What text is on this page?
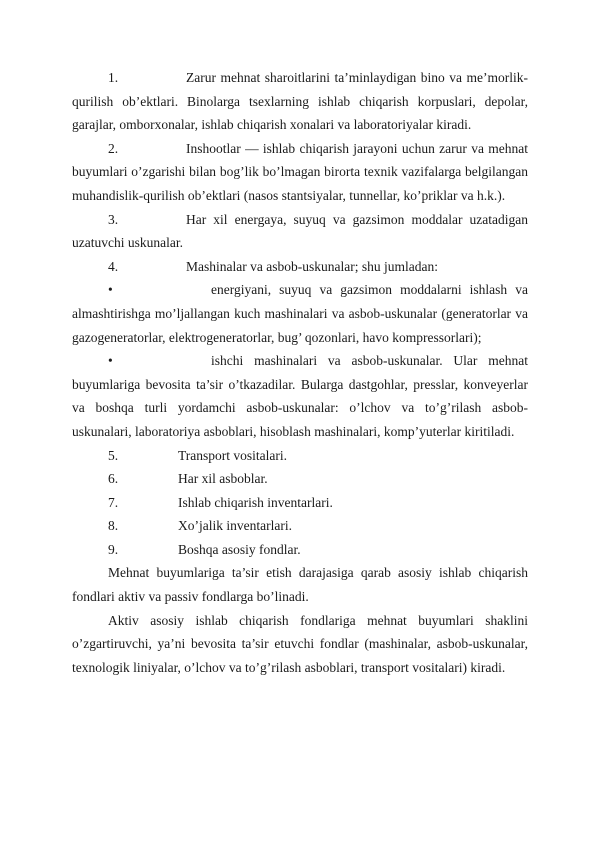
1.	Zarur mehnat sharoitlarini ta’minlaydigan bino va me’morlik-qurilish ob’ektlari. Binolarga tsexlarning ishlab chiqarish korpuslari, depolar, garajlar, omborxonalar, ishlab chiqarish xonalari va laboratoriyalar kiradi.

2.	Inshootlar — ishlab chiqarish jarayoni uchun zarur va mehnat buyumlari o’zgarishi bilan bog’lik bo’lmagan birorta texnik vazifalarga belgilangan muhandislik-qurilish ob’ektlari (nasos stantsiyalar, tunnellar, ko’priklar va h.k.).

3.	Har xil energaya, suyuq va gazsimon moddalar uzatadigan uzatuvchi uskunalar.

4.	Mashinalar va asbob-uskunalar; shu jumladan:

•	energiyani, suyuq va gazsimon moddalarni ishlash va almashtirishga mo’ljallangan kuch mashinalari va asbob-uskunalar (generatorlar va gazogeneratorlar, elektrogeneratorlar, bug’ qozonlari, havo kompressorlari);

•	ishchi mashinalari va asbob-uskunalar. Ular mehnat buyumlariga bevosita ta’sir o’tkazadilar. Bulargа dastgohlar, presslar, konveyerlar va boshqa turli yordamchi asbob-uskunalar: o’lchov va to’g’rilash asbob- uskunalari, laboratoriya asboblari, hisoblash mashinalari, komp’yuterlar kiritiladi.

5.	Transport vositalari.

6.	Har xil asboblar.

7.	Ishlab chiqarish inventarlari.

8.	Xo’jalik inventarlari.

9.	Boshqa asosiy fondlar.

Mehnat buyumlariga ta’sir etish darajasiga qarab asosiy ishlab chiqarish fondlari aktiv va passiv fondlarga bo’linadi.

Aktiv asosiy ishlab chiqarish fondlariga mehnat buyumlari shaklini o’zgartiruvchi, ya’ni bevosita ta’sir etuvchi fondlar (mashinalar, asbob-uskunalar, texnologik liniyalar, o’lchov va to’g’rilash asboblari, transport vositalari) kiradi.
